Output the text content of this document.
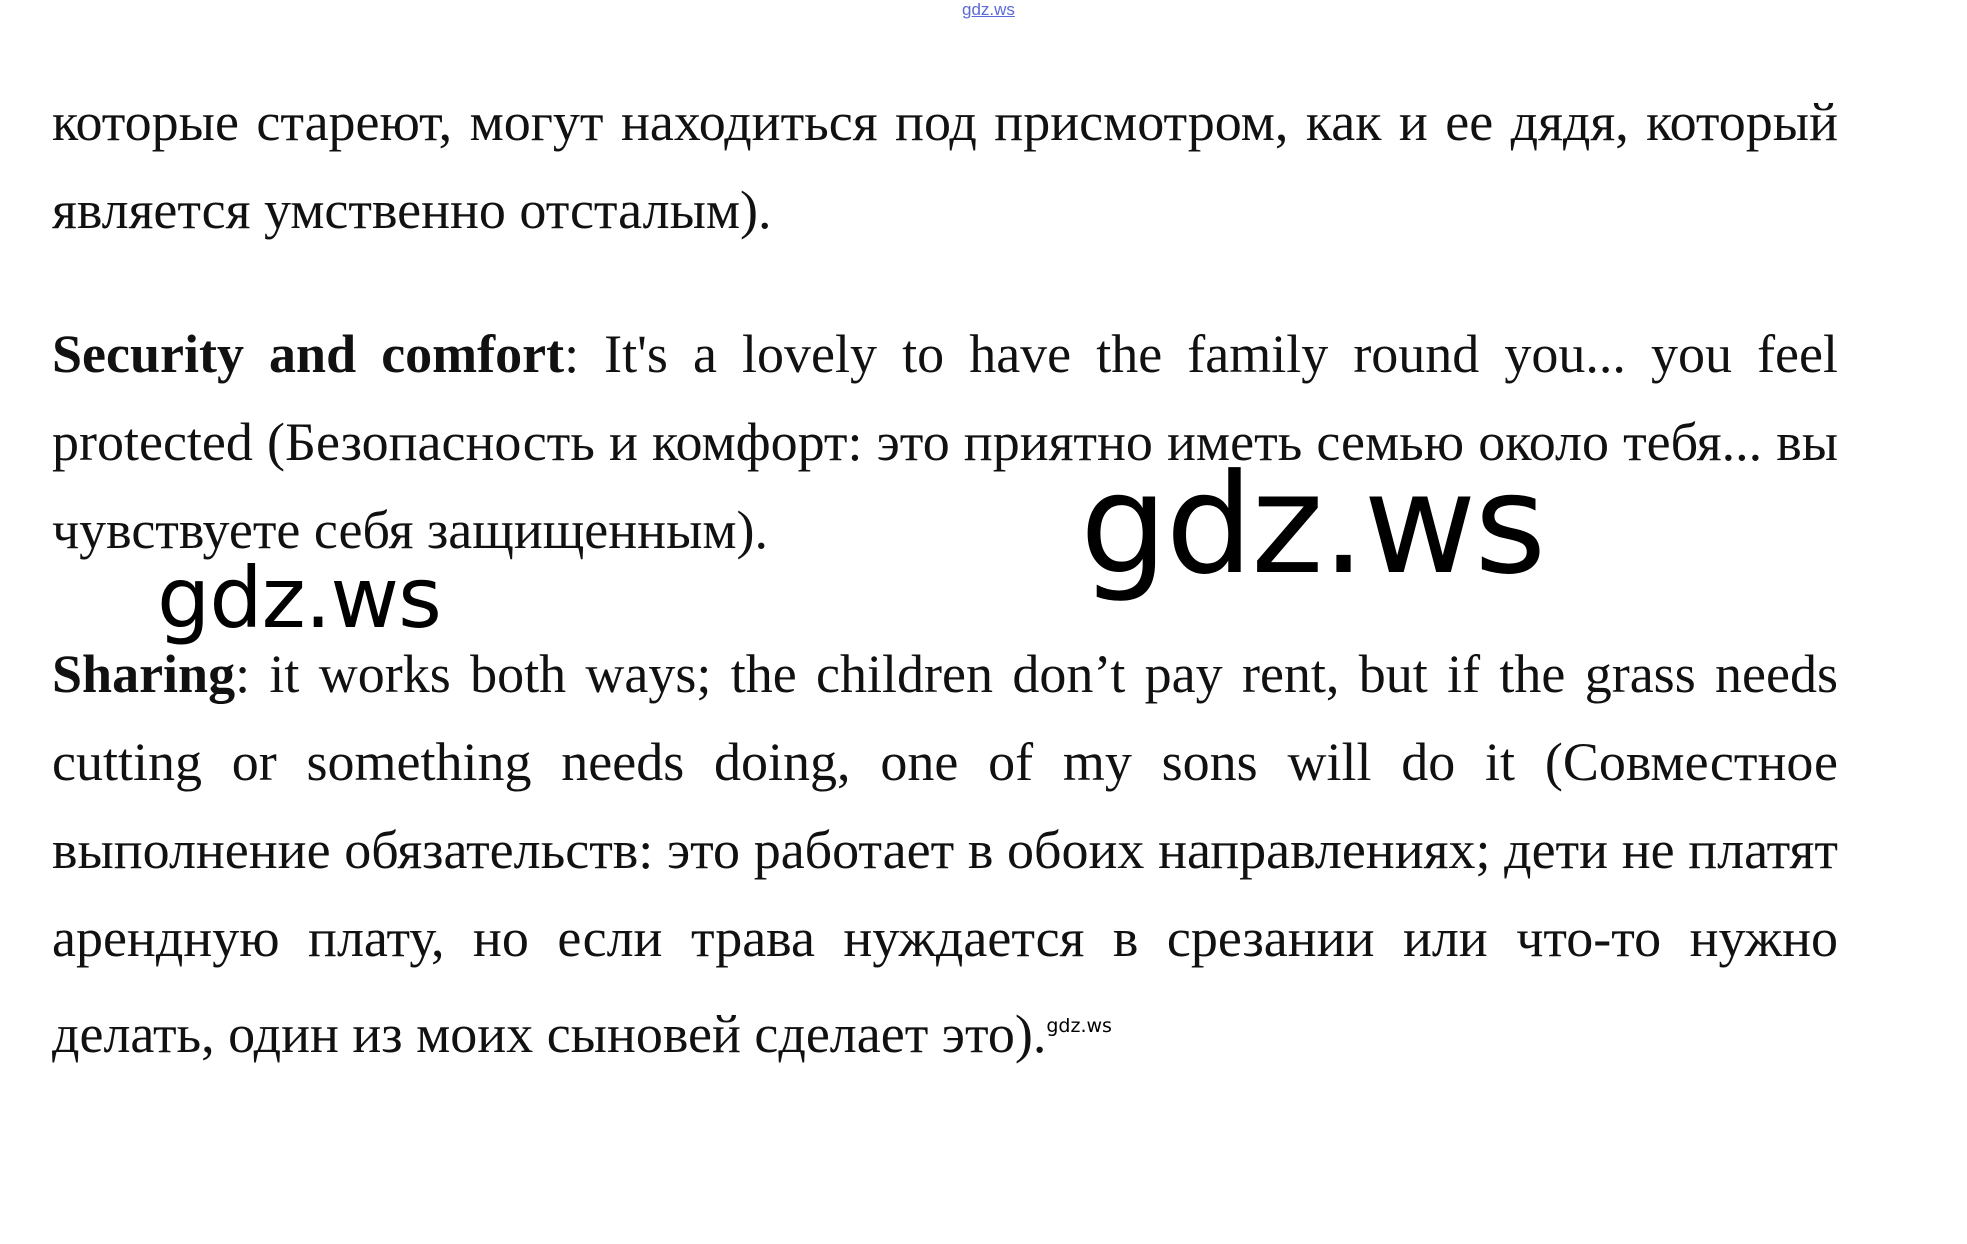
gdz.ws

которые стареют, могут находиться под присмотром, как и ее дядя, который является умственно отсталым).

Security and comfort: It's a lovely to have the family round you... you feel protected (Безопасность и комфорт: это приятно иметь семью около тебя... вы чувствуете себя защищенным).

Sharing: it works both ways; the children don’t pay rent, but if the grass needs cutting or something needs doing, one of my sons will do it (Совместное выполнение обязательств: это работает в обоих направлениях; дети не платят арендную плату, но если трава нуждается в срезании или что-то нужно делать, один из моих сыновей сделает это).$^{gdz.ws}$

gdz.ws
gdz.ws
